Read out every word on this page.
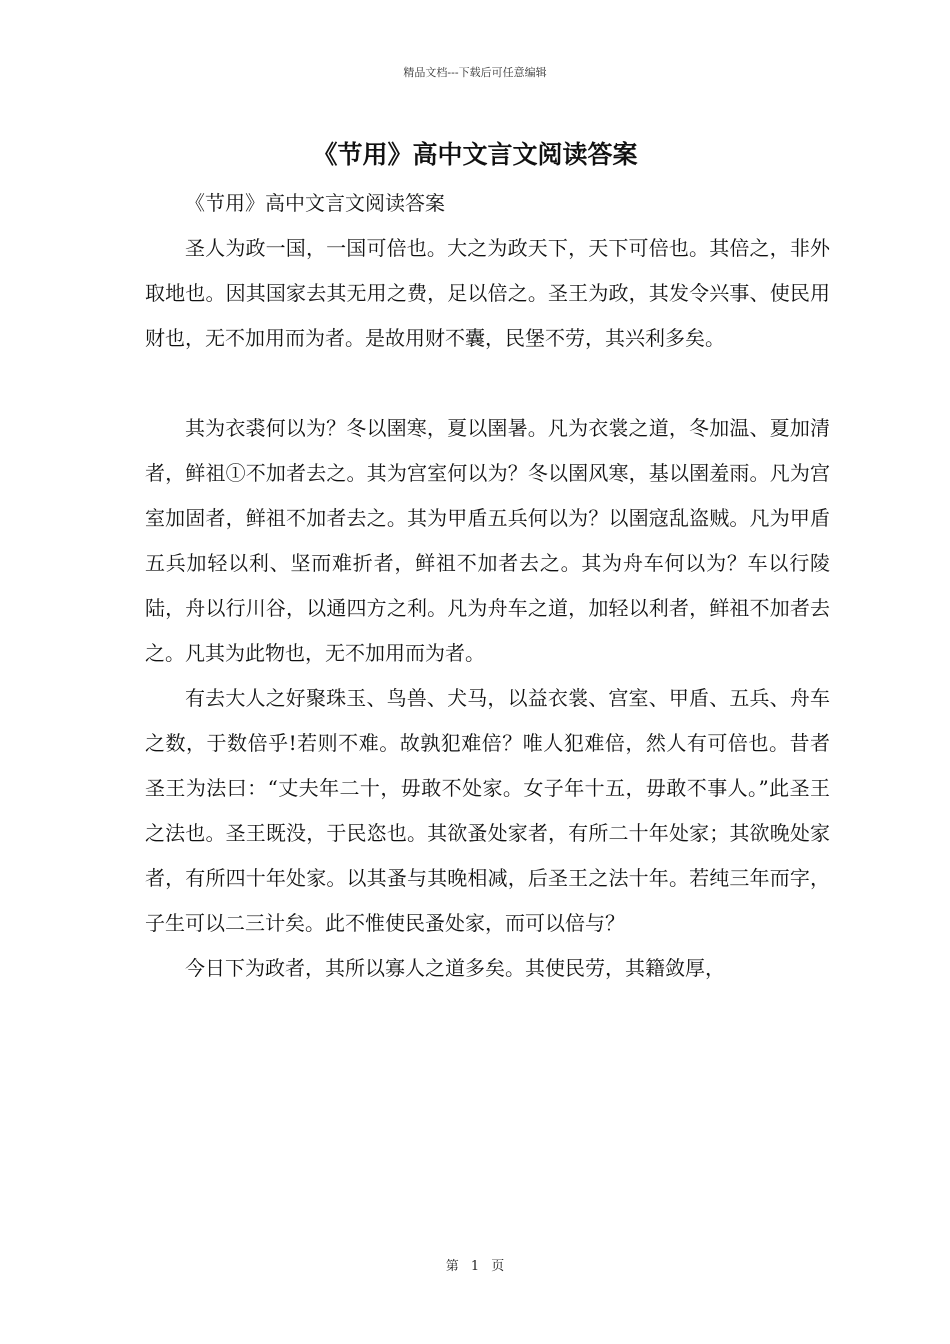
精品文档---下载后可任意编辑
《节用》高中文言文阅读答案

《节用》高中文言文阅读答案

圣人为政一国，一国可倍也。大之为政天下，天下可倍也。其倍之，非外取地也。因其国家去其无用之费，足以倍之。圣王为政，其发令兴事、使民用财也，无不加用而为者。是故用财不囊，民堡不劳，其兴利多矣。

其为衣裘何以为？冬以圉寒，夏以圉暑。凡为衣裳之道，冬加温、夏加清者，鲜祖①不加者去之。其为宫室何以为？冬以圉风寒，基以圉羞雨。凡为宫室加固者，鲜祖不加者去之。其为甲盾五兵何以为？以圉寇乱盗贼。凡为甲盾五兵加轻以利、坚而难折者，鲜祖不加者去之。其为舟车何以为？车以行陵陆，舟以行川谷，以通四方之利。凡为舟车之道，加轻以利者，鲜祖不加者去之。凡其为此物也，无不加用而为者。

有去大人之好聚珠玉、鸟兽、犬马，以益衣裳、宫室、甲盾、五兵、舟车之数，于数倍乎!若则不难。故孰犯难倍？唯人犯难倍，然人有可倍也。昔者圣王为法曰：“丈夫年二十，毋敢不处家。女子年十五，毋敢不事人。”此圣王之法也。圣王既没，于民恣也。其欲蚤处家者，有所二十年处家；其欲晚处家者，有所四十年处家。以其蚤与其晚相减，后圣王之法十年。若纯三年而字，子生可以二三计矣。此不惟使民蚤处家，而可以倍与？

今日下为政者，其所以寡人之道多矣。其使民劳，其籍敛厚，

第 1 页
